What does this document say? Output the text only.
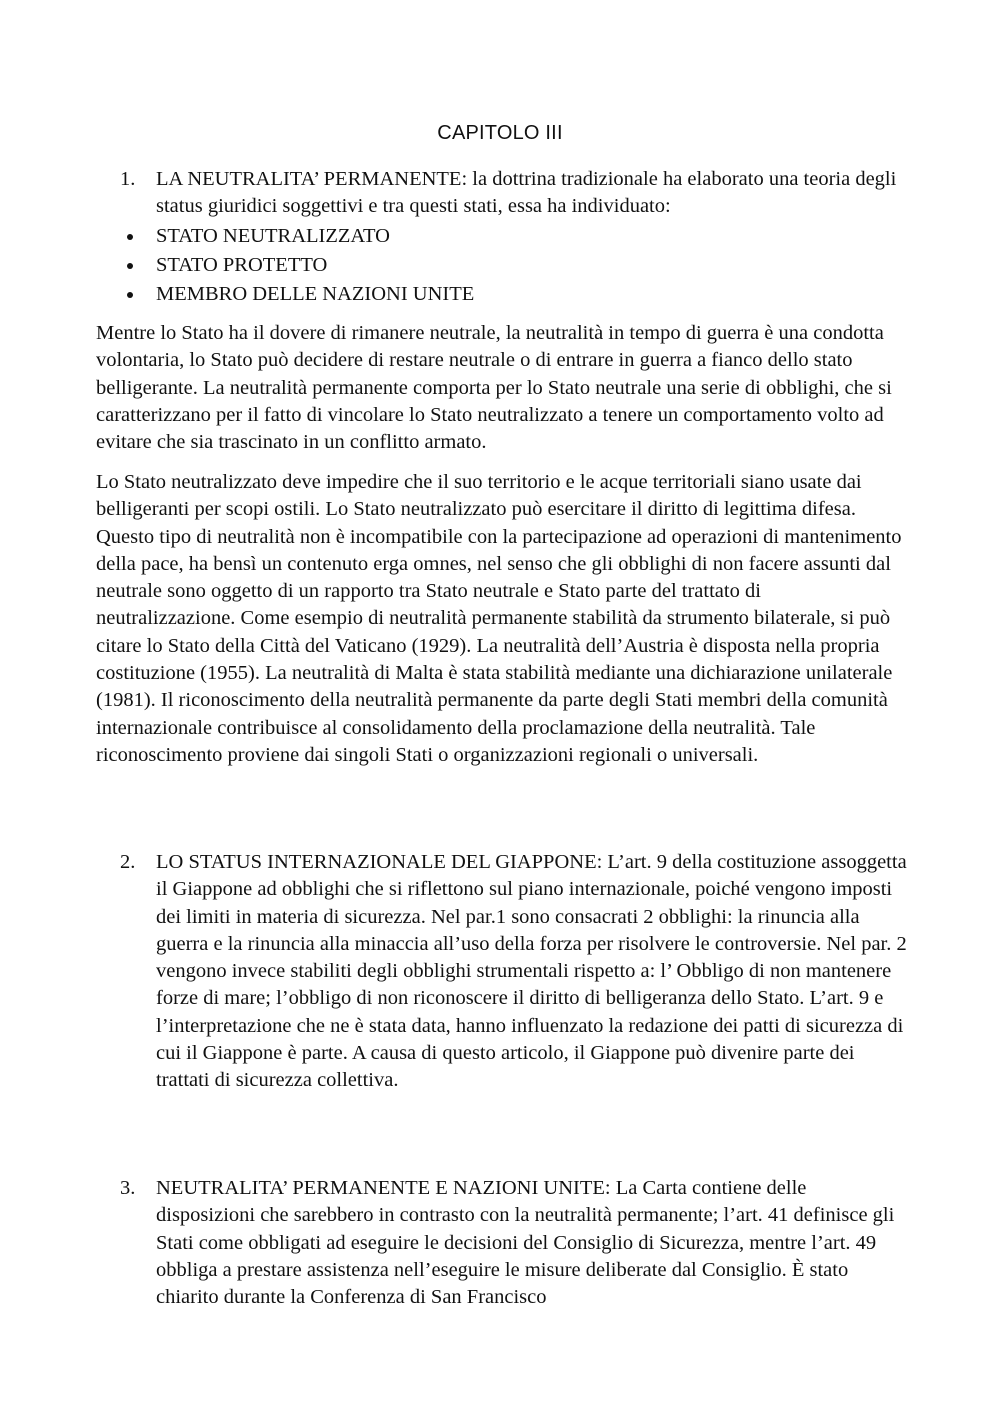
CAPITOLO III
1.	LA NEUTRALITA’ PERMANENTE: la dottrina tradizionale ha elaborato una teoria degli status giuridici soggettivi e tra questi stati, essa ha individuato:
STATO NEUTRALIZZATO
STATO PROTETTO
MEMBRO DELLE NAZIONI UNITE
Mentre lo Stato ha il dovere di rimanere neutrale, la neutralità in tempo di guerra è una condotta volontaria, lo Stato può decidere di restare neutrale o di entrare in guerra a fianco dello stato belligerante. La neutralità permanente comporta per lo Stato neutrale una serie di obblighi, che si caratterizzano per il fatto di vincolare lo Stato neutralizzato a tenere un comportamento volto ad evitare che sia trascinato in un conflitto armato.
Lo Stato neutralizzato deve impedire che il suo territorio e le acque territoriali siano usate dai belligeranti per scopi ostili. Lo Stato neutralizzato può esercitare il diritto di legittima difesa. Questo tipo di neutralità non è incompatibile con la partecipazione ad operazioni di mantenimento della pace, ha bensì un contenuto erga omnes, nel senso che gli obblighi di non facere assunti dal neutrale sono oggetto di un rapporto tra Stato neutrale e Stato parte del trattato di neutralizzazione. Come esempio di neutralità permanente stabilità da strumento bilaterale, si può citare lo Stato della Città del Vaticano (1929). La neutralità dell’Austria è disposta nella propria costituzione (1955). La neutralità di Malta è stata stabilità mediante una dichiarazione unilaterale (1981). Il riconoscimento della neutralità permanente da parte degli Stati membri della comunità internazionale contribuisce al consolidamento della proclamazione della neutralità. Tale riconoscimento proviene dai singoli Stati o organizzazioni regionali o universali.
2.	LO STATUS INTERNAZIONALE DEL GIAPPONE: L’art. 9 della costituzione assoggetta il Giappone ad obblighi che si riflettono sul piano internazionale, poiché vengono imposti dei limiti in materia di sicurezza. Nel par.1 sono consacrati 2 obblighi: la rinuncia alla guerra e la rinuncia alla minaccia all’uso della forza per risolvere le controversie. Nel par. 2 vengono invece stabiliti degli obblighi strumentali rispetto a: l’ Obbligo di non mantenere forze di mare; l’obbligo di non riconoscere il diritto di belligeranza dello Stato. L’art. 9 e l’interpretazione che ne è stata data, hanno influenzato la redazione dei patti di sicurezza di cui il Giappone è parte. A causa di questo articolo, il Giappone può divenire parte dei trattati di sicurezza collettiva.
3.	NEUTRALITA’ PERMANENTE E NAZIONI UNITE: La Carta contiene delle disposizioni che sarebbero in contrasto con la neutralità permanente; l’art. 41 definisce gli Stati come obbligati ad eseguire le decisioni del Consiglio di Sicurezza, mentre l’art. 49 obbliga a prestare assistenza nell’eseguire le misure deliberate dal Consiglio. È stato chiarito durante la Conferenza di San Francisco
